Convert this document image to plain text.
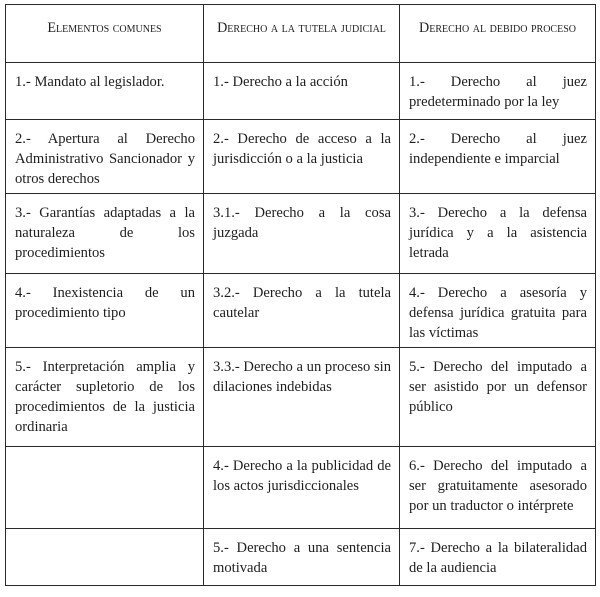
Elementos comunes	Derecho a la tutela judicial	Derecho al debido proceso
1.- Mandato al legislador.	1.- Derecho a la acción	1.- Derecho al juez predeterminado por la ley
2.- Apertura al Derecho Administrativo Sancionador y otros derechos	2.- Derecho de acceso a la jurisdicción o a la justicia	2.- Derecho al juez independiente e imparcial
3.- Garantías adaptadas a la naturaleza de los procedimientos	3.1.- Derecho a la cosa juzgada	3.- Derecho a la defensa jurídica y a la asistencia letrada
4.- Inexistencia de un procedimiento tipo	3.2.- Derecho a la tutela cautelar	4.- Derecho a asesoría y defensa jurídica gratuita para las víctimas
5.- Interpretación amplia y carácter supletorio de los procedimientos de la justicia ordinaria	3.3.- Derecho a un proceso sin dilaciones indebidas	5.- Derecho del imputado a ser asistido por un defensor público
	4.- Derecho a la publicidad de los actos jurisdiccionales	6.- Derecho del imputado a ser gratuitamente asesorado por un traductor o intérprete
	5.- Derecho a una sentencia motivada	7.- Derecho a la bilateralidad de la audiencia
